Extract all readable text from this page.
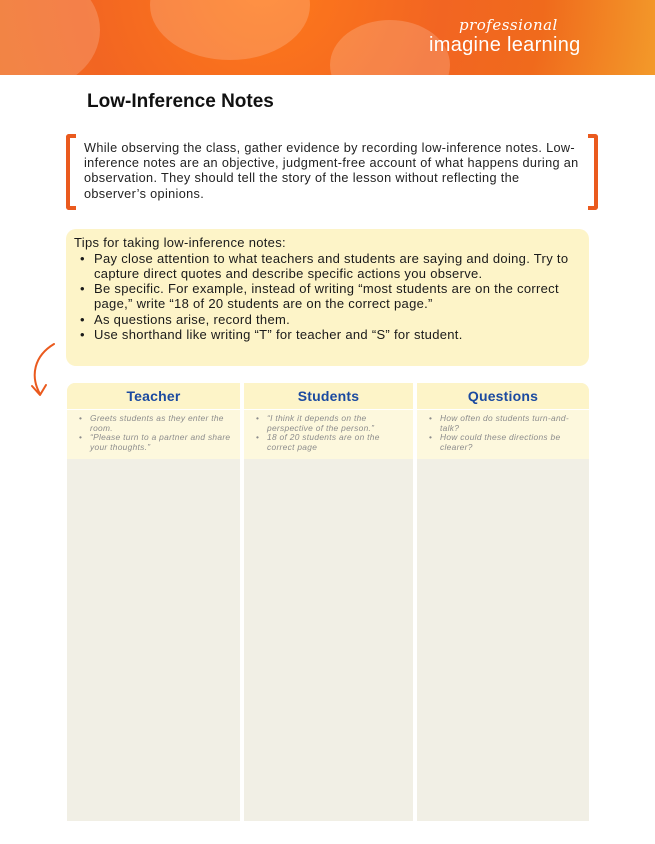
professional
imagine learning
Low-Inference Notes
While observing the class, gather evidence by recording low-inference notes. Low-inference notes are an objective, judgment-free account of what happens during an observation. They should tell the story of the lesson without reflecting the observer’s opinions.
Tips for taking low-inference notes:
• Pay close attention to what teachers and students are saying and doing. Try to capture direct quotes and describe specific actions you observe.
• Be specific. For example, instead of writing “most students are on the correct page,” write “18 of 20 students are on the correct page.”
• As questions arise, record them.
• Use shorthand like writing “T” for teacher and “S” for student.
Teacher
• Greets students as they enter the room.
• “Please turn to a partner and share your thoughts.”
Students
• “I think it depends on the perspective of the person.”
• 18 of 20 students are on the correct page
Questions
• How often do students turn-and-talk?
• How could these directions be clearer?
